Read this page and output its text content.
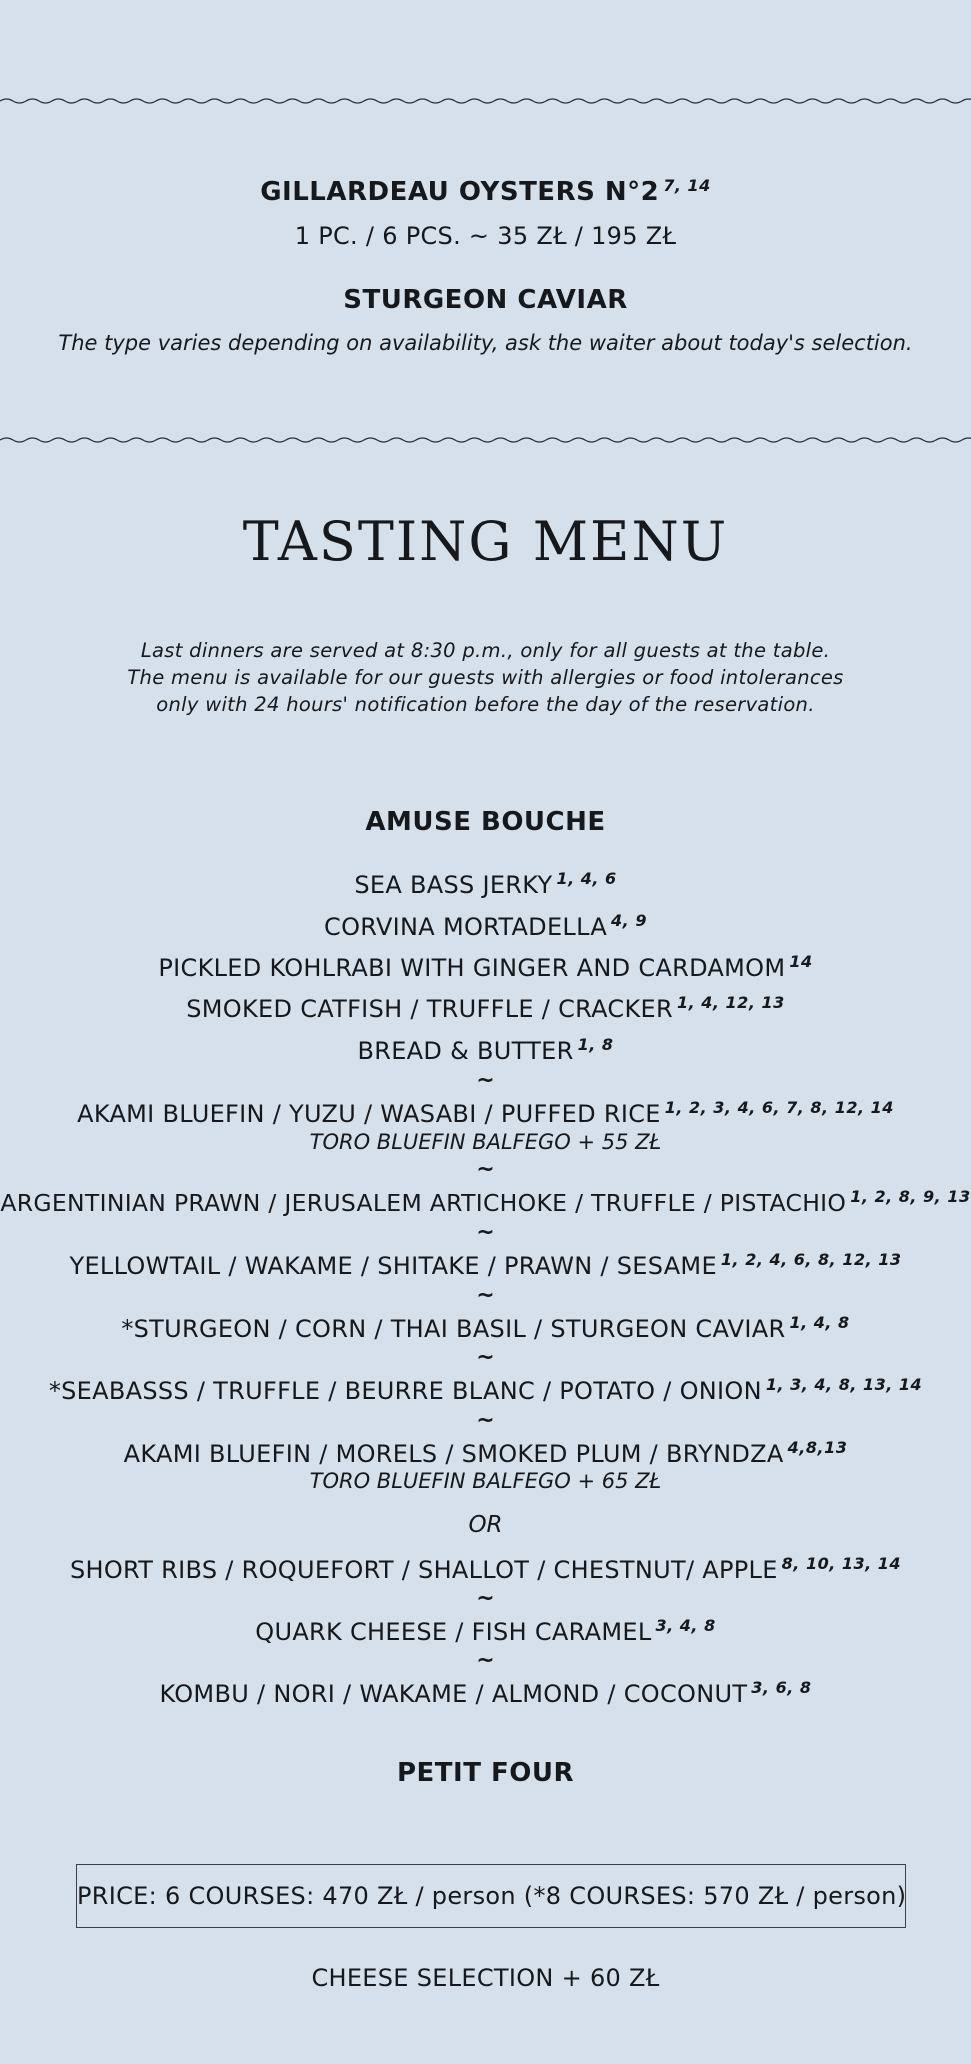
GILLARDEAU OYSTERS N°2 $^{7, 14}$
1 PC. / 6 PCS. ~ 35 ZŁ / 195 ZŁ
STURGEON CAVIAR
The type varies depending on availability, ask the waiter about today's selection.
TASTING MENU
Last dinners are served at 8:30 p.m., only for all guests at the table.
The menu is available for our guests with allergies or food intolerances
only with 24 hours' notification before the day of the reservation.
AMUSE BOUCHE
SEA BASS JERKY $^{1, 4, 6}$
CORVINA MORTADELLA $^{4, 9}$
PICKLED KOHLRABI WITH GINGER AND CARDAMOM $^{14}$
SMOKED CATFISH / TRUFFLE / CRACKER $^{1, 4, 12, 13}$
BREAD & BUTTER $^{1, 8}$
~
AKAMI BLUEFIN / YUZU / WASABI / PUFFED RICE $^{1, 2, 3, 4, 6, 7, 8, 12, 14}$
TORO BLUEFIN BALFEGO + 55 ZŁ
~
ARGENTINIAN PRAWN / JERUSALEM ARTICHOKE / TRUFFLE / PISTACHIO $^{1, 2, 8, 9, 13}$
~
YELLOWTAIL / WAKAME / SHITAKE / PRAWN / SESAME $^{1, 2, 4, 6, 8, 12, 13}$
~
*STURGEON / CORN / THAI BASIL / STURGEON CAVIAR $^{1, 4, 8}$
~
*SEABASSS / TRUFFLE / BEURRE BLANC / POTATO / ONION $^{1, 3, 4, 8, 13, 14}$
~
AKAMI BLUEFIN / MORELS / SMOKED PLUM / BRYNDZA $^{4,8,13}$
TORO BLUEFIN BALFEGO + 65 ZŁ
OR
SHORT RIBS / ROQUEFORT / SHALLOT / CHESTNUT/ APPLE $^{8, 10, 13, 14}$
~
QUARK CHEESE / FISH CARAMEL $^{3, 4, 8}$
~
KOMBU / NORI / WAKAME / ALMOND / COCONUT $^{3, 6, 8}$
PETIT FOUR
PRICE: 6 COURSES: 470 ZŁ / person (*8 COURSES: 570 ZŁ / person)
CHEESE SELECTION + 60 ZŁ
